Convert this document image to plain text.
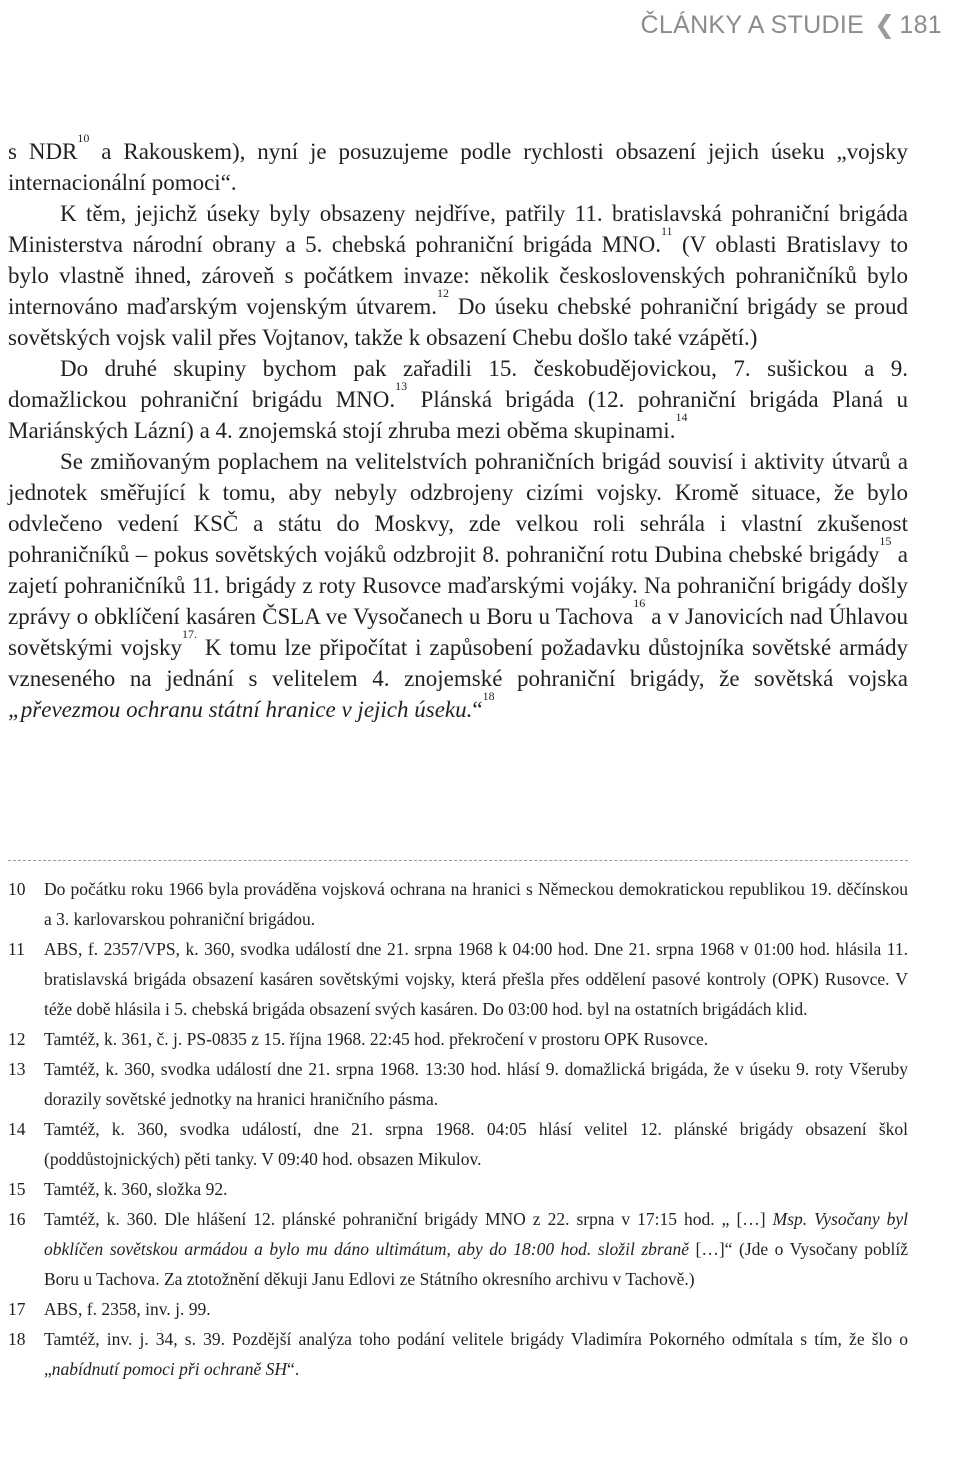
ČLÁNKY A STUDIE ❮ 181

s NDR$^{10}$ a Rakouskem), nyní je posuzujeme podle rychlosti obsazení jejich úseku „vojsky internacionální pomoci“.

K těm, jejichž úseky byly obsazeny nejdříve, patřily 11. bratislavská pohraniční brigáda Ministerstva národní obrany a 5. chebská pohraniční brigáda MNO.$^{11}$ (V oblasti Bratislavy to bylo vlastně ihned, zároveň s počátkem invaze: několik československých pohraničníků bylo internováno maďarským vojenským útvarem.$^{12}$ Do úseku chebské pohraniční brigády se proud sovětských vojsk valil přes Vojtanov, takže k obsazení Chebu došlo také vzápětí.)

Do druhé skupiny bychom pak zařadili 15. českobudějovickou, 7. sušickou a 9. domažlickou pohraniční brigádu MNO.$^{13}$ Plánská brigáda (12. pohraniční brigáda Planá u Mariánských Lázní) a 4. znojemská stojí zhruba mezi oběma skupinami.$^{14}$

Se zmiňovaným poplachem na velitelstvích pohraničních brigád souvisí i aktivity útvarů a jednotek směřující k tomu, aby nebyly odzbrojeny cizími vojsky. Kromě situace, že bylo odvlečeno vedení KSČ a státu do Moskvy, zde velkou roli sehrála i vlastní zkušenost pohraničníků – pokus sovětských vojáků odzbrojit 8. pohraniční rotu Dubina chebské brigády$^{15}$ a zajetí pohraničníků 11. brigády z roty Rusovce maďarskými vojáky. Na pohraniční brigády došly zprávy o obklíčení kasáren ČSLA ve Vysočanech u Boru u Tachova$^{16}$ a v Janovicích nad Úhlavou sovětskými vojsky$^{17.}$ K tomu lze připočítat i zapůsobení požadavku důstojníka sovětské armády vzneseného na jednání s velitelem 4. znojemské pohraniční brigády, že sovětská vojska „převezmou ochranu státní hranice v jejich úseku.“$^{18}$

10 Do počátku roku 1966 byla prováděna vojsková ochrana na hranici s Německou demokratickou republikou 19. děčínskou a 3. karlovarskou pohraniční brigádou.
11 ABS, f. 2357/VPS, k. 360, svodka událostí dne 21. srpna 1968 k 04:00 hod. Dne 21. srpna 1968 v 01:00 hod. hlásila 11. bratislavská brigáda obsazení kasáren sovětskými vojsky, která přešla přes oddělení pasové kontroly (OPK) Rusovce. V téže době hlásila i 5. chebská brigáda obsazení svých kasáren. Do 03:00 hod. byl na ostatních brigádách klid.
12 Tamtéž, k. 361, č. j. PS-0835 z 15. října 1968. 22:45 hod. překročení v prostoru OPK Rusovce.
13 Tamtéž, k. 360, svodka událostí dne 21. srpna 1968. 13:30 hod. hlásí 9. domažlická brigáda, že v úseku 9. roty Všeruby dorazily sovětské jednotky na hranici hraničního pásma.
14 Tamtéž, k. 360, svodka událostí, dne 21. srpna 1968. 04:05 hlásí velitel 12. plánské brigády obsazení škol (poddůstojnických) pěti tanky. V 09:40 hod. obsazen Mikulov.
15 Tamtéž, k. 360, složka 92.
16 Tamtéž, k. 360. Dle hlášení 12. plánské pohraniční brigády MNO z 22. srpna v 17:15 hod. „ […] Msp. Vysočany byl obklíčen sovětskou armádou a bylo mu dáno ultimátum, aby do 18:00 hod. složil zbraně […]“ (Jde o Vysočany poblíž Boru u Tachova. Za ztotožnění děkuji Janu Edlovi ze Státního okresního archivu v Tachově.)
17 ABS, f. 2358, inv. j. 99.
18 Tamtéž, inv. j. 34, s. 39. Pozdější analýza toho podání velitele brigády Vladimíra Pokorného odmítala s tím, že šlo o „nabídnutí pomoci při ochraně SH“.
